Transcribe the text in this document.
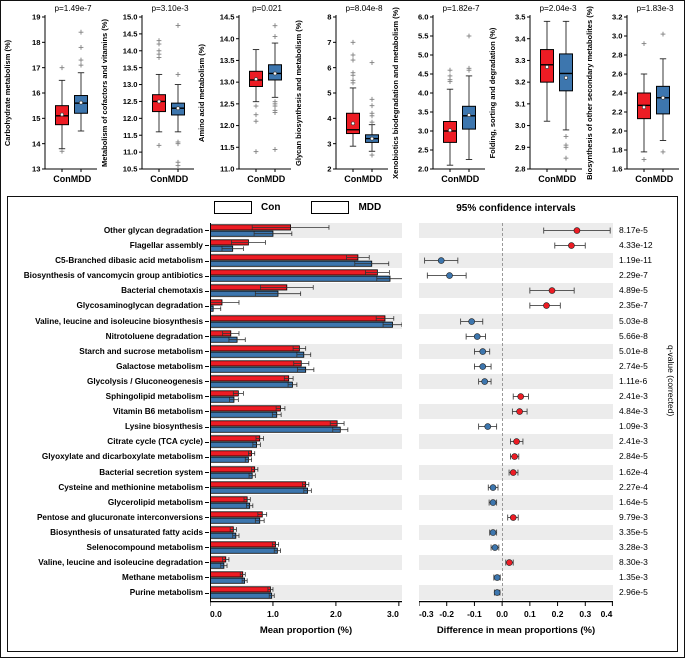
13
14
15
16
17
18
19
Con MDD
p=1.49e-7
Carbohydrate metabolism (%)
10.5
11.0
11.5
12.0
12.5
13.0
13.5
14.0
14.5
15.0
Con MDD
p=3.10e-3
Metabolism of cofactors and vitamins (%)
11.0
11.5
12.0
12.5
13.0
13.5
14.0
14.5
Con MDD
p=0.021
Amino acid metabolism (%)
2
3
4
5
6
7
8
Con MDD
p=8.04e-8
Glycan biosynthesis and metabolism (%)
2.0
2.5
3.0
3.5
4.0
4.5
5.0
5.5
6.0
Con MDD
p=1.82e-7
Xenobiotics biodegradation and metabolism (%)	2.8
2.9
3.0
3.1
3.2
3.3
3.4
3.5
Con MDD
p=2.04e-3
Folding, sorting and degradation (%)
1.6
1.8
2.0
2.2
2.4
2.6
2.8
3.0
3.2
Con MDD
p=1.83e-3
Biosynthesis of other secondary metabolites (%)
Con	MDD	95% confidence intervals
Other glycan degradation	8.17e-5
Flagellar assembly	4.33e-12
C5-Branched dibasic acid metabolism	1.19e-11
Biosynthesis of vancomycin group antibiotics	2.29e-7
Bacterial chemotaxis	4.89e-5
Glycosaminoglycan degradation	2.35e-7
Valine, leucine and isoleucine biosynthesis	5.03e-8
Nitrotoluene degradation	5.66e-8
Starch and sucrose metabolism	5.01e-8
Galactose metabolism	2.74e-5
Glycolysis / Gluconeogenesis	1.11e-6
Sphingolipid metabolism	2.41e-3
Vitamin B6 metabolism	4.84e-3
Lysine biosynthesis	1.09e-3
Citrate cycle (TCA cycle)	2.41e-3
Glyoxylate and dicarboxylate metabolism	2.84e-5
Bacterial secretion system	1.62e-4
Cysteine and methionine metabolism	2.27e-4
Glycerolipid metabolism	1.64e-5
Pentose and glucuronate interconversions	9.79e-3
Biosynthesis of unsaturated fatty acids	3.35e-5
Selenocompound metabolism	3.28e-3
Valine, leucine and isoleucine degradation	8.30e-3
Methane metabolism	1.35e-3
Purine metabolism	2.96e-5
0.0	1.0	2.0	3.0 -0.3 -0.2 -0.1 0.0 0.1 0.2 0.3 0.4
Mean proportion (%)	Difference in mean proportions (%)
q-value (corrected)
